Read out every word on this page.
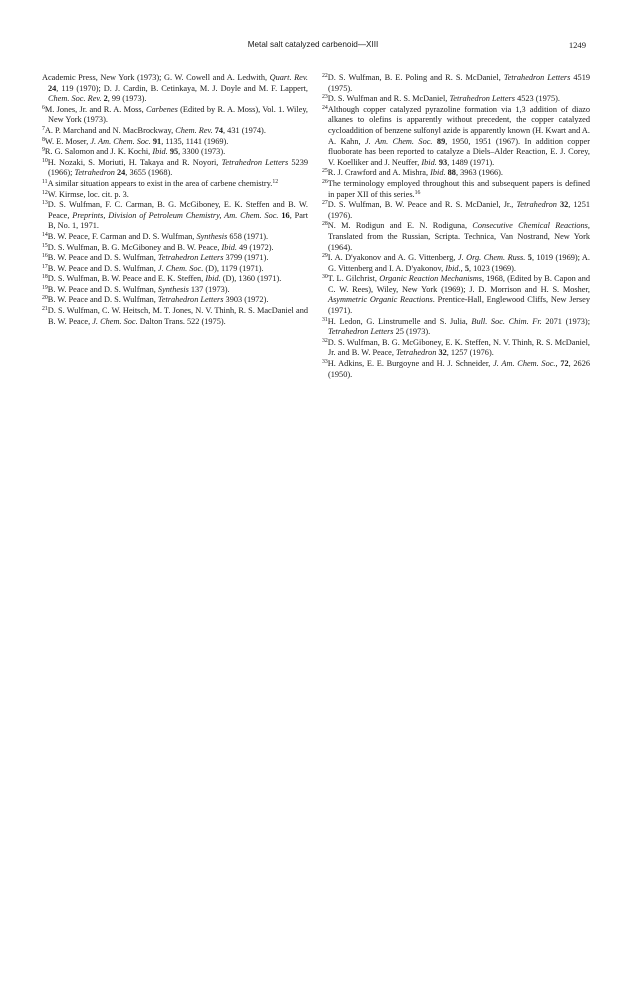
Metal salt catalyzed carbenoid—XIII	1249

Academic Press, New York (1973); G. W. Cowell and A. Ledwith, Quart. Rev. 24, 119 (1970); D. J. Cardin, B. Cetinkaya, M. J. Doyle and M. F. Lappert, Chem. Soc. Rev. 2, 99 (1973).

$^6$M. Jones, Jr. and R. A. Moss, Carbenes (Edited by R. A. Moss), Vol. 1. Wiley, New York (1973).

$^7$A. P. Marchand and N. MacBrockway, Chem. Rev. 74, 431 (1974).

$^8$W. E. Moser, J. Am. Chem. Soc. 91, 1135, 1141 (1969).

$^9$R. G. Salomon and J. K. Kochi, Ibid. 95, 3300 (1973).

$^{10}$H. Nozaki, S. Moriuti, H. Takaya and R. Noyori, Tetrahedron Letters 5239 (1966); Tetrahedron 24, 3655 (1968).

$^{11}$A similar situation appears to exist in the area of carbene chemistry.$^{12}$

$^{12}$W. Kirmse, loc. cit. p. 3.

$^{13}$D. S. Wulfman, F. C. Carman, B. G. McGiboney, E. K. Steffen and B. W. Peace, Preprints, Division of Petroleum Chemistry, Am. Chem. Soc. 16, Part B, No. 1, 1971.

$^{14}$B. W. Peace, F. Carman and D. S. Wulfman, Synthesis 658 (1971).

$^{15}$D. S. Wulfman, B. G. McGiboney and B. W. Peace, Ibid. 49 (1972).

$^{16}$B. W. Peace and D. S. Wulfman, Tetrahedron Letters 3799 (1971).

$^{17}$B. W. Peace and D. S. Wulfman, J. Chem. Soc. (D), 1179 (1971).

$^{18}$D. S. Wulfman, B. W. Peace and E. K. Steffen, Ibid. (D), 1360 (1971).

$^{19}$B. W. Peace and D. S. Wulfman, Synthesis 137 (1973).

$^{20}$B. W. Peace and D. S. Wulfman, Tetrahedron Letters 3903 (1972).

$^{21}$D. S. Wulfman, C. W. Heitsch, M. T. Jones, N. V. Thinh, R. S. MacDaniel and B. W. Peace, J. Chem. Soc. Dalton Trans. 522 (1975).

$^{22}$D. S. Wulfman, B. E. Poling and R. S. McDaniel, Tetrahedron Letters 4519 (1975).

$^{23}$D. S. Wulfman and R. S. McDaniel, Tetrahedron Letters 4523 (1975).

$^{24}$Although copper catalyzed pyrazoline formation via 1,3 addition of diazo alkanes to olefins is apparently without precedent, the copper catalyzed cycloaddition of benzene sulfonyl azide is apparently known (H. Kwart and A. A. Kahn, J. Am. Chem. Soc. 89, 1950, 1951 (1967). In addition copper fluoborate has been reported to catalyze a Diels–Alder Reaction, E. J. Corey, V. Koelliker and J. Neuffer, Ibid. 93, 1489 (1971).

$^{25}$R. J. Crawford and A. Mishra, Ibid. 88, 3963 (1966).

$^{26}$The terminology employed throughout this and subsequent papers is defined in paper XII of this series.$^{16}$

$^{27}$D. S. Wulfman, B. W. Peace and R. S. McDaniel, Jr., Tetrahedron 32, 1251 (1976).

$^{28}$N. M. Rodigun and E. N. Rodiguna, Consecutive Chemical Reactions, Translated from the Russian, Scripta. Technica, Van Nostrand, New York (1964).

$^{29}$I. A. D'yakonov and A. G. Vittenberg, J. Org. Chem. Russ. 5, 1019 (1969); A. G. Vittenberg and I. A. D'yakonov, Ibid., 5, 1023 (1969).

$^{30}$T. L. Gilchrist, Organic Reaction Mechanisms, 1968, (Edited by B. Capon and C. W. Rees), Wiley, New York (1969); J. D. Morrison and H. S. Mosher, Asymmetric Organic Reactions. Prentice-Hall, Englewood Cliffs, New Jersey (1971).

$^{31}$H. Ledon, G. Linstrumelle and S. Julia, Bull. Soc. Chim. Fr. 2071 (1973); Tetrahedron Letters 25 (1973).

$^{32}$D. S. Wulfman, B. G. McGiboney, E. K. Steffen, N. V. Thinh, R. S. McDaniel, Jr. and B. W. Peace, Tetrahedron 32, 1257 (1976).

$^{33}$H. Adkins, E. E. Burgoyne and H. J. Schneider, J. Am. Chem. Soc., 72, 2626 (1950).
